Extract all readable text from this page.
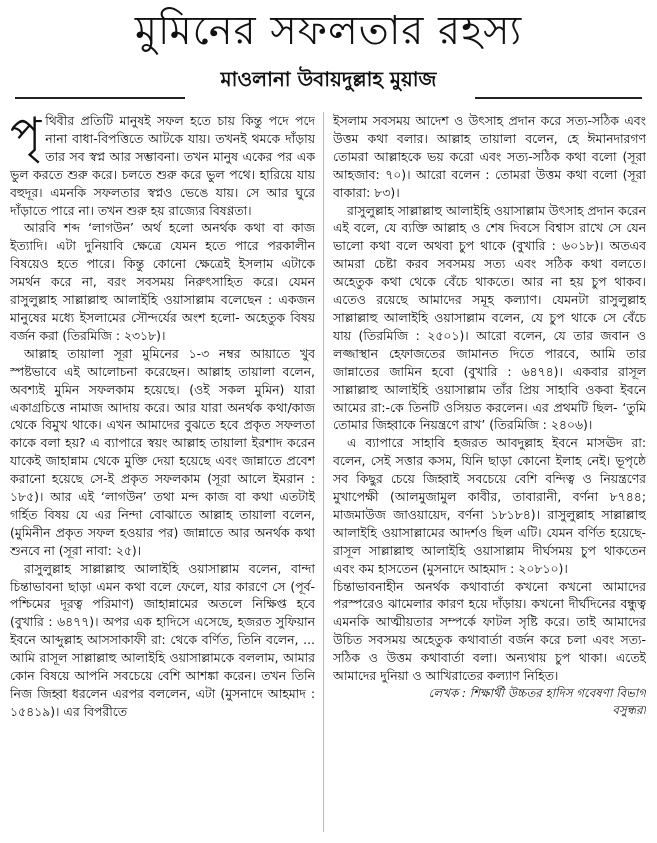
মুমিনের সফলতার রহস্য
মাওলানা উবায়দুল্লাহ মুয়াজ

পৃথিবীর প্রতিটি মানুষই সফল হতে চায় কিন্তু পদে পদে নানা বাধা-বিপত্তিতে আটকে যায়। তখনই থমকে দাঁড়ায় তার সব স্বপ্ন আর সম্ভাবনা। তখন মানুষ একের পর এক ভুল করতে শুরু করে। চলতে শুরু করে ভুল পথে। হারিয়ে যায় বহুদূর। এমনকি সফলতার স্বপ্নও ভেঙে যায়। সে আর ঘুরে দাঁড়াতে পারে না। তখন শুরু হয় রাজ্যের বিষণ্ণতা।

আরবি শব্দ ‘লাগউন’ অর্থ হলো অনর্থক কথা বা কাজ ইত্যাদি। এটা দুনিয়াবি ক্ষেত্রে যেমন হতে পারে পরকালীন বিষয়েও হতে পারে। কিন্তু কোনো ক্ষেত্রেই ইসলাম এটাকে সমর্থন করে না, বরং সবসময় নিরুৎসাহিত করে। যেমন রাসুলুল্লাহ সাল্লাল্লাহু আলাইহি ওয়াসাল্লাম বলেছেন : একজন মানুষের মধ্যে ইসলামের সৌন্দর্যের অংশ হলো- অহেতুক বিষয় বর্জন করা (তিরমিজি : ২৩১৮)।

আল্লাহ তায়ালা সূরা মুমিনের ১-৩ নম্বর আয়াতে খুব স্পষ্টভাবে এই আলোচনা করেছেন। আল্লাহ তায়ালা বলেন, অবশ্যই মুমিন সফলকাম হয়েছে। (ওই সকল মুমিন) যারা একাগ্রচিত্তে নামাজ আদায় করে। আর যারা অনর্থক কথা/কাজ থেকে বিমুখ থাকে। এখন আমাদের বুঝতে হবে প্রকৃত সফলতা কাকে বলা হয়? এ ব্যাপারে স্বয়ং আল্লাহ তায়ালা ইরশাদ করেন যাকেই জাহান্নাম থেকে মুক্তি দেয়া হয়েছে এবং জান্নাতে প্রবেশ করানো হয়েছে সে-ই প্রকৃত সফলকাম (সূরা আলে ইমরান : ১৮৫)। আর এই ‘লাগউন’ তথা মন্দ কাজ বা কথা এতটাই গর্হিত বিষয় যে এর নিন্দা বোঝাতে আল্লাহ তায়ালা বলেন, (মুমিনীন প্রকৃত সফল হওয়ার পর) জান্নাতে আর অনর্থক কথা শুনবে না (সূরা নাবা: ২৫)।

রাসুলুল্লাহ সাল্লাল্লাহু আলাইহি ওয়াসাল্লাম বলেন, বান্দা চিন্তাভাবনা ছাড়া এমন কথা বলে ফেলে, যার কারণে সে (পূর্ব-পশ্চিমের দূরত্ব পরিমাণ) জাহান্নামের অতলে নিক্ষিপ্ত হবে (বুখারি : ৬৪৭৭)। অপর এক হাদিসে এসেছে, হজরত সুফিয়ান ইবনে আব্দুল্লাহ আসসাকাফী রা: থেকে বর্ণিত, তিনি বলেন, ... আমি রাসূল সাল্লাল্লাহু আলাইহি ওয়াসাল্লামকে বললাম, আমার কোন বিষয়ে আপনি সবচেয়ে বেশি আশঙ্কা করেন। তখন তিনি নিজ জিহ্বা ধরলেন এরপর বললেন, এটা (মুসনাদে আহমাদ : ১৫৪১৯)। এর বিপরীতে

ইসলাম সবসময় আদেশ ও উৎসাহ প্রদান করে সত্য-সঠিক এবং উত্তম কথা বলার। আল্লাহ তায়ালা বলেন, হে ঈমানদারগণ তোমরা আল্লাহকে ভয় করো এবং সত্য-সঠিক কথা বলো (সূরা আহজাব: ৭০)। আরো বলেন : তোমরা উত্তম কথা বলো (সূরা বাকারা: ৮৩)।

রাসুলুল্লাহ সাল্লাল্লাহু আলাইহি ওয়াসাল্লাম উৎসাহ প্রদান করেন এই বলে, যে ব্যক্তি আল্লাহ ও শেষ দিবসে বিশ্বাস রাখে সে যেন ভালো কথা বলে অথবা চুপ থাকে (বুখারি : ৬০১৮)। অতএব আমরা চেষ্টা করব সবসময় সত্য এবং সঠিক কথা বলতে। অহেতুক কথা থেকে বেঁচে থাকতে। আর না হয় চুপ থাকব। এতেও রয়েছে আমাদের সমূহ কল্যাণ। যেমনটা রাসুলুল্লাহ সাল্লাল্লাহু আলাইহি ওয়াসাল্লাম বলেন, যে চুপ থাকে সে বেঁচে যায় (তিরমিজি : ২৫০১)। আরো বলেন, যে তার জবান ও লজ্জাস্থান হেফাজতের জামানত দিতে পারবে, আমি তার জান্নাতের জামিন হবো (বুখারি : ৬৪৭৪)। একবার রাসূল সাল্লাল্লাহু আলাইহি ওয়াসাল্লাম তাঁর প্রিয় সাহাবি ওকবা ইবনে আমের রা:-কে তিনটি ওসিয়ত করলেন। এর প্রথমটি ছিল- ‘তুমি তোমার জিহ্বাকে নিয়ন্ত্রণে রাখ’ (তিরমিজি : ২৪০৬)।

এ ব্যাপারে সাহাবি হজরত আবদুল্লাহ ইবনে মাসঊদ রা: বলেন, সেই সত্তার কসম, যিনি ছাড়া কোনো ইলাহ নেই। ভূপৃষ্ঠে সব কিছুর চেয়ে জিহ্বাই সবচেয়ে বেশি বন্দিত্ব ও নিয়ন্ত্রণের মুখাপেক্ষী (আলমুজামুল কাবীর, তাবারানী, বর্ণনা ৮৭৪৪; মাজমাউজ জাওয়ায়েদ, বর্ণনা ১৮১৮৪)। রাসুলুল্লাহ সাল্লাল্লাহু আলাইহি ওয়াসাল্লামের আদর্শও ছিল এটি। যেমন বর্ণিত হয়েছে- রাসূল সাল্লাল্লাহু আলাইহি ওয়াসাল্লাম দীর্ঘসময় চুপ থাকতেন এবং কম হাসতেন (মুসনাদে আহমাদ : ২০৮১০)।

চিন্তাভাবনাহীন অনর্থক কথাবার্তা কখনো কখনো আমাদের পরস্পরেও ঝামেলার কারণ হয়ে দাঁড়ায়। কখনো দীর্ঘদিনের বন্ধুত্ব এমনকি আত্মীয়তার সম্পর্কে ফাটল সৃষ্টি করে। তাই আমাদের উচিত সবসময় অহেতুক কথাবার্তা বর্জন করে চলা এবং সত্য- সঠিক ও উত্তম কথাবার্তা বলা। অন্যথায় চুপ থাকা। এতেই আমাদের দুনিয়া ও আখিরাতের কল্যাণ নিহিত।

লেখক : শিক্ষার্থী উচ্চতর হাদিস গবেষণা বিভাগ
বসুন্ধরা
